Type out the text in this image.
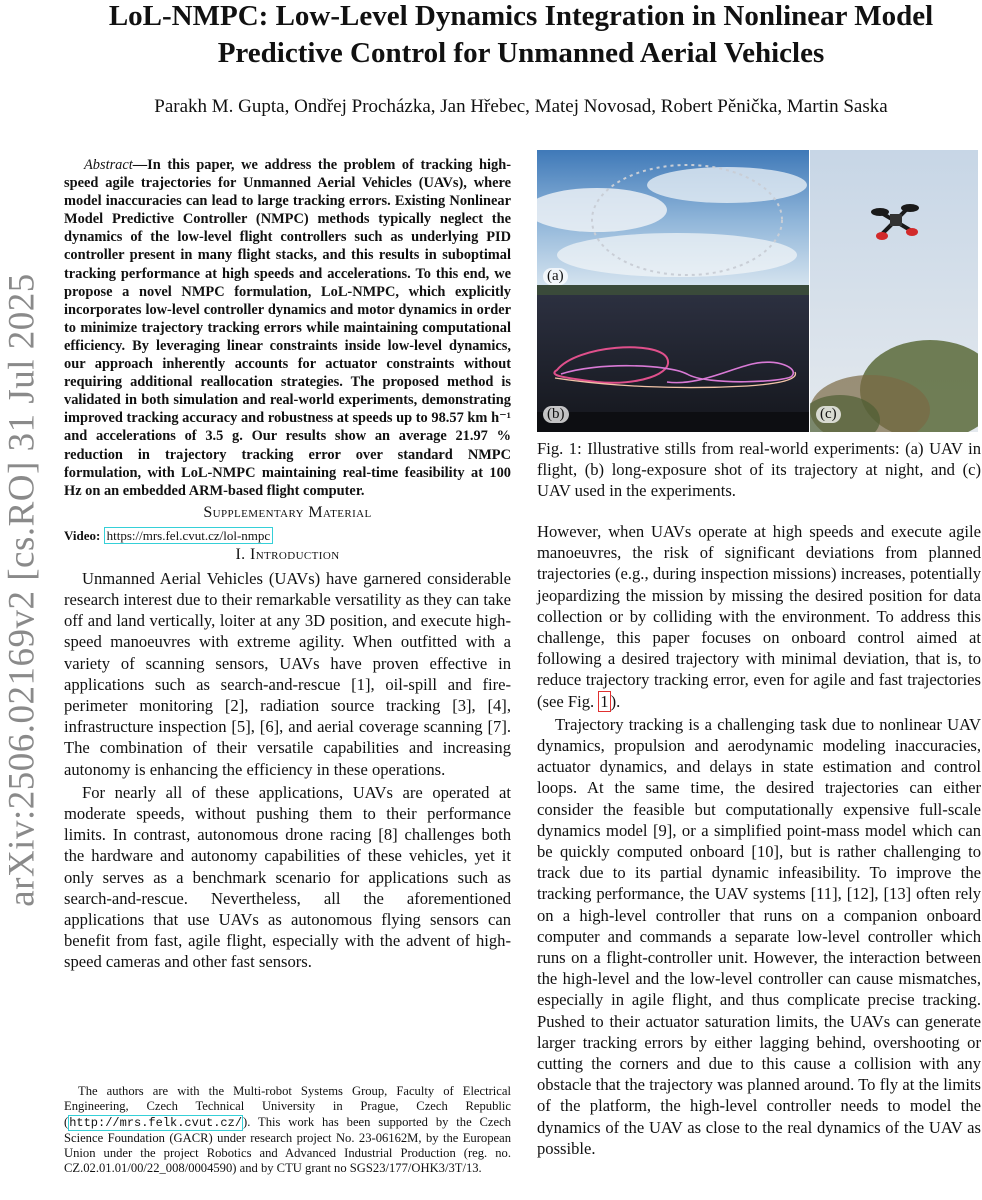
arXiv:2506.02169v2 [cs.RO] 31 Jul 2025
LoL-NMPC: Low-Level Dynamics Integration in Nonlinear Model
Predictive Control for Unmanned Aerial Vehicles
Parakh M. Gupta, Ondřej Procházka, Jan Hřebec, Matej Novosad, Robert Pěnička, Martin Saska

Abstract—In this paper, we address the problem of tracking high-speed agile trajectories for Unmanned Aerial Vehicles (UAVs), where model inaccuracies can lead to large tracking errors. Existing Nonlinear Model Predictive Controller (NMPC) methods typically neglect the dynamics of the low-level flight controllers such as underlying PID controller present in many flight stacks, and this results in suboptimal tracking performance at high speeds and accelerations. To this end, we propose a novel NMPC formulation, LoL-NMPC, which explicitly incorporates low-level controller dynamics and motor dynamics in order to minimize trajectory tracking errors while maintaining computational efficiency. By leveraging linear constraints inside low-level dynamics, our approach inherently accounts for actuator constraints without requiring additional reallocation strategies. The proposed method is validated in both simulation and real-world experiments, demonstrating improved tracking accuracy and robustness at speeds up to 98.57 km h⁻¹ and accelerations of 3.5 g. Our results show an average 21.97 % reduction in trajectory tracking error over standard NMPC formulation, with LoL-NMPC maintaining real-time feasibility at 100 Hz on an embedded ARM-based flight computer.

Supplementary Material
Video: https://mrs.fel.cvut.cz/lol-nmpc
I. Introduction

Unmanned Aerial Vehicles (UAVs) have garnered considerable research interest due to their remarkable versatility as they can take off and land vertically, loiter at any 3D position, and execute high-speed manoeuvres with extreme agility. When outfitted with a variety of scanning sensors, UAVs have proven effective in applications such as search-and-rescue [1], oil-spill and fire-perimeter monitoring [2], radiation source tracking [3], [4], infrastructure inspection [5], [6], and aerial coverage scanning [7]. The combination of their versatile capabilities and increasing autonomy is enhancing the efficiency in these operations.

For nearly all of these applications, UAVs are operated at moderate speeds, without pushing them to their performance limits. In contrast, autonomous drone racing [8] challenges both the hardware and autonomy capabilities of these vehicles, yet it only serves as a benchmark scenario for applications such as search-and-rescue. Nevertheless, all the aforementioned applications that use UAVs as autonomous flying sensors can benefit from fast, agile flight, especially with the advent of high-speed cameras and other fast sensors.

The authors are with the Multi-robot Systems Group, Faculty of Electrical Engineering, Czech Technical University in Prague, Czech Republic (http://mrs.felk.cvut.cz/). This work has been supported by the Czech Science Foundation (GACR) under research project No. 23-06162M, by the European Union under the project Robotics and Advanced Industrial Production (reg. no. CZ.02.01.01/00/22_008/0004590) and by CTU grant no SGS23/177/OHK3/3T/13.
(a)
(b)	(c)
Fig. 1: Illustrative stills from real-world experiments: (a) UAV in flight, (b) long-exposure shot of its trajectory at night, and (c) UAV used in the experiments.

However, when UAVs operate at high speeds and execute agile manoeuvres, the risk of significant deviations from planned trajectories (e.g., during inspection missions) increases, potentially jeopardizing the mission by missing the desired position for data collection or by colliding with the environment. To address this challenge, this paper focuses on onboard control aimed at following a desired trajectory with minimal deviation, that is, to reduce trajectory tracking error, even for agile and fast trajectories (see Fig. 1 ).

Trajectory tracking is a challenging task due to nonlinear UAV dynamics, propulsion and aerodynamic modeling inaccuracies, actuator dynamics, and delays in state estimation and control loops. At the same time, the desired trajectories can either consider the feasible but computationally expensive full-scale dynamics model [9], or a simplified point-mass model which can be quickly computed onboard [10], but is rather challenging to track due to its partial dynamic infeasibility. To improve the tracking performance, the UAV systems [11], [12], [13] often rely on a high-level controller that runs on a companion onboard computer and commands a separate low-level controller which runs on a flight-controller unit. However, the interaction between the high-level and the low-level controller can cause mismatches, especially in agile flight, and thus complicate precise tracking. Pushed to their actuator saturation limits, the UAVs can generate larger tracking errors by either lagging behind, overshooting or cutting the corners and due to this cause a collision with any obstacle that the trajectory was planned around. To fly at the limits of the platform, the high-level controller needs to model the dynamics of the UAV as close to the real dynamics of the UAV as possible.
